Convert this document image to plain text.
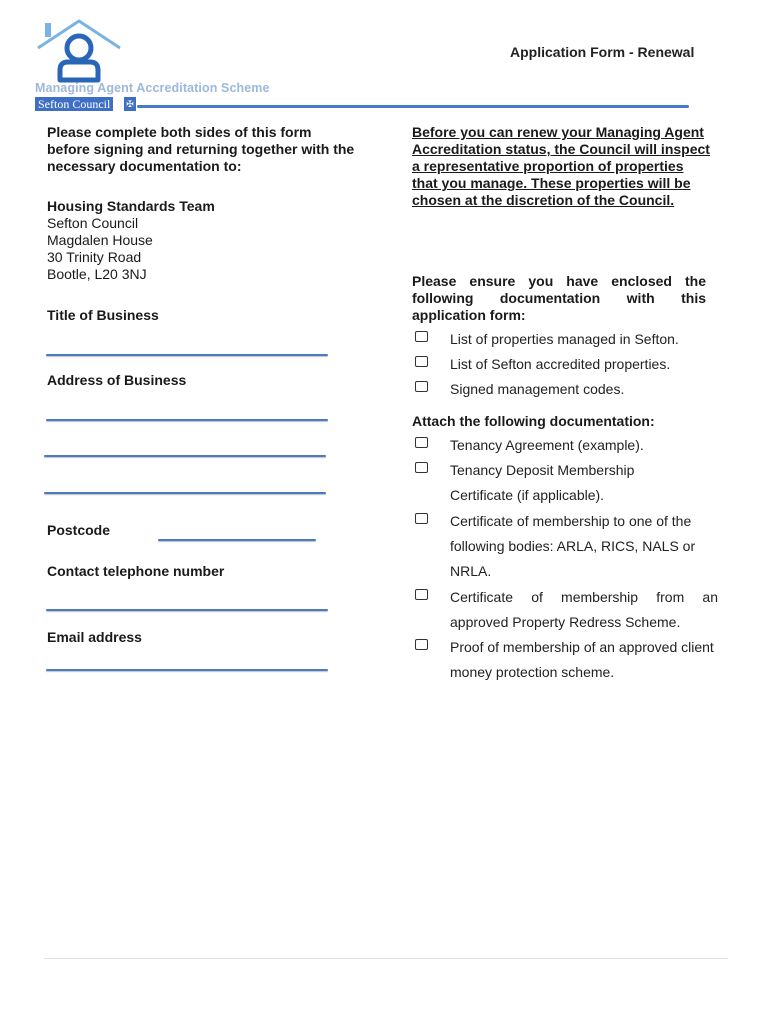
Managing Agent Accreditation Scheme
Sefton Council	✠
Application Form - Renewal
Please complete both sides of this form before signing and returning together with the necessary documentation to:
Housing Standards Team
Sefton Council
Magdalen House
30 Trinity Road
Bootle, L20 3NJ
Title of Business
Address of Business
Postcode
Contact telephone number
Email address
Before you can renew your Managing Agent Accreditation status, the Council will inspect a representative proportion of properties that you manage. These properties will be chosen at the discretion of the Council.
Please ensure you have enclosed the following documentation with this application form:
List of properties managed in Sefton.
List of Sefton accredited properties.
Signed management codes.
Attach the following documentation:
Tenancy Agreement (example).
Tenancy Deposit Membership Certificate (if applicable).
Certificate of membership to one of the following bodies: ARLA, RICS, NALS or NRLA.
Certificate of membership from an approved Property Redress Scheme.
Proof of membership of an approved client money protection scheme.
